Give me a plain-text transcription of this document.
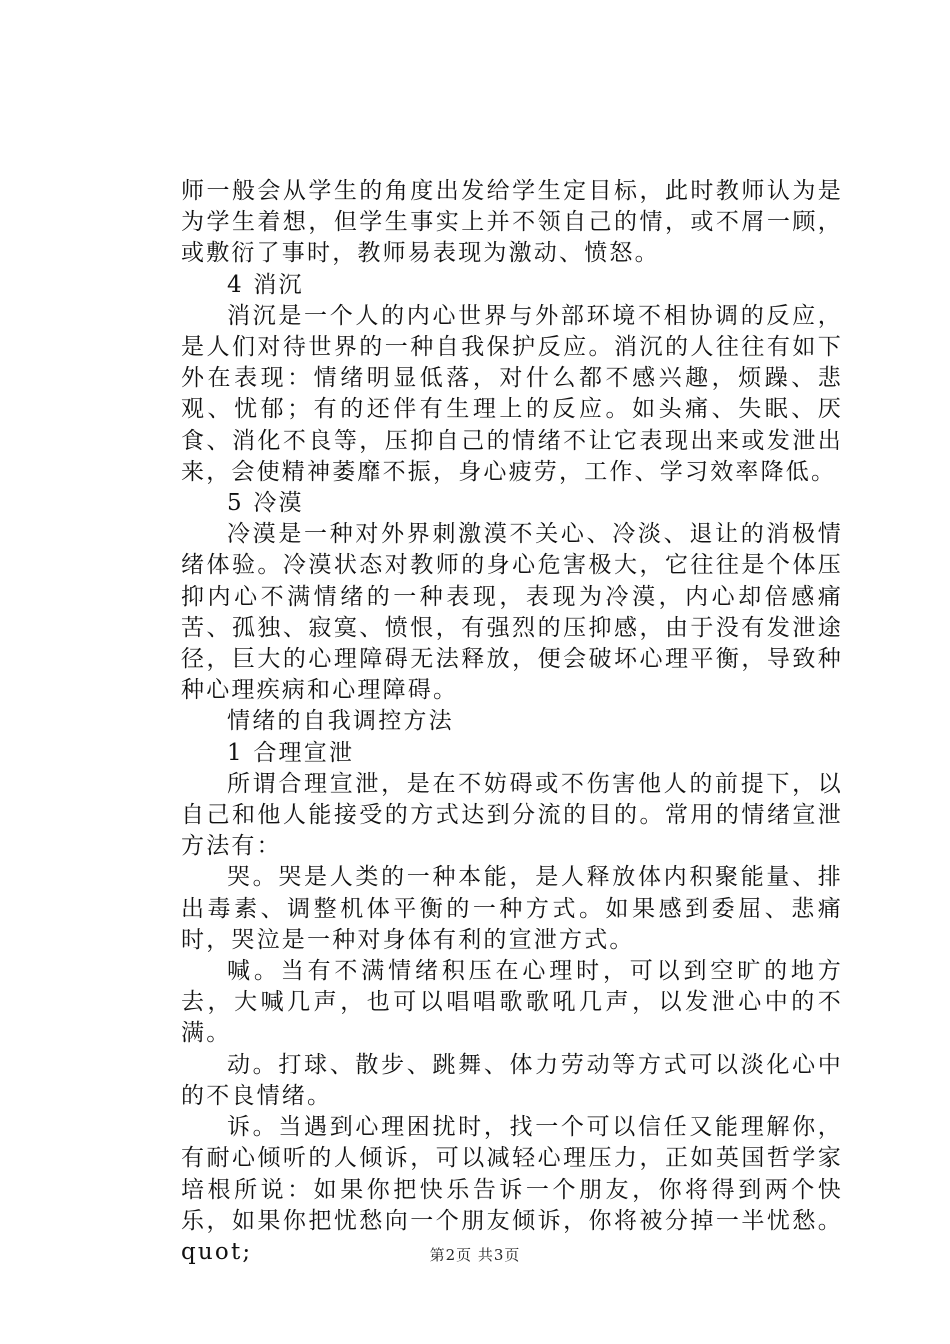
师一般会从学生的角度出发给学生定目标，此时教师认为是为学生着想，但学生事实上并不领自己的情，或不屑一顾，或敷衍了事时，教师易表现为激动、愤怒。

4 消沉

消沉是一个人的内心世界与外部环境不相协调的反应，是人们对待世界的一种自我保护反应。消沉的人往往有如下外在表现：情绪明显低落，对什么都不感兴趣，烦躁、悲观、忧郁；有的还伴有生理上的反应。如头痛、失眠、厌食、消化不良等，压抑自己的情绪不让它表现出来或发泄出来，会使精神萎靡不振，身心疲劳，工作、学习效率降低。

5 冷漠

冷漠是一种对外界刺激漠不关心、冷淡、退让的消极情绪体验。冷漠状态对教师的身心危害极大，它往往是个体压抑内心不满情绪的一种表现，表现为冷漠，内心却倍感痛苦、孤独、寂寞、愤恨，有强烈的压抑感，由于没有发泄途径，巨大的心理障碍无法释放，便会破坏心理平衡，导致种种心理疾病和心理障碍。

情绪的自我调控方法

1 合理宣泄

所谓合理宣泄，是在不妨碍或不伤害他人的前提下，以自己和他人能接受的方式达到分流的目的。常用的情绪宣泄方法有：

哭。哭是人类的一种本能，是人释放体内积聚能量、排出毒素、调整机体平衡的一种方式。如果感到委屈、悲痛时，哭泣是一种对身体有利的宣泄方式。

喊。当有不满情绪积压在心理时，可以到空旷的地方去，大喊几声，也可以唱唱歌歌吼几声，以发泄心中的不满。

动。打球、散步、跳舞、体力劳动等方式可以淡化心中的不良情绪。

诉。当遇到心理困扰时，找一个可以信任又能理解你，有耐心倾听的人倾诉，可以减轻心理压力，正如英国哲学家培根所说：如果你把快乐告诉一个朋友，你将得到两个快乐，如果你把忧愁向一个朋友倾诉，你将被分掉一半忧愁。quot;	第2页 共3页
